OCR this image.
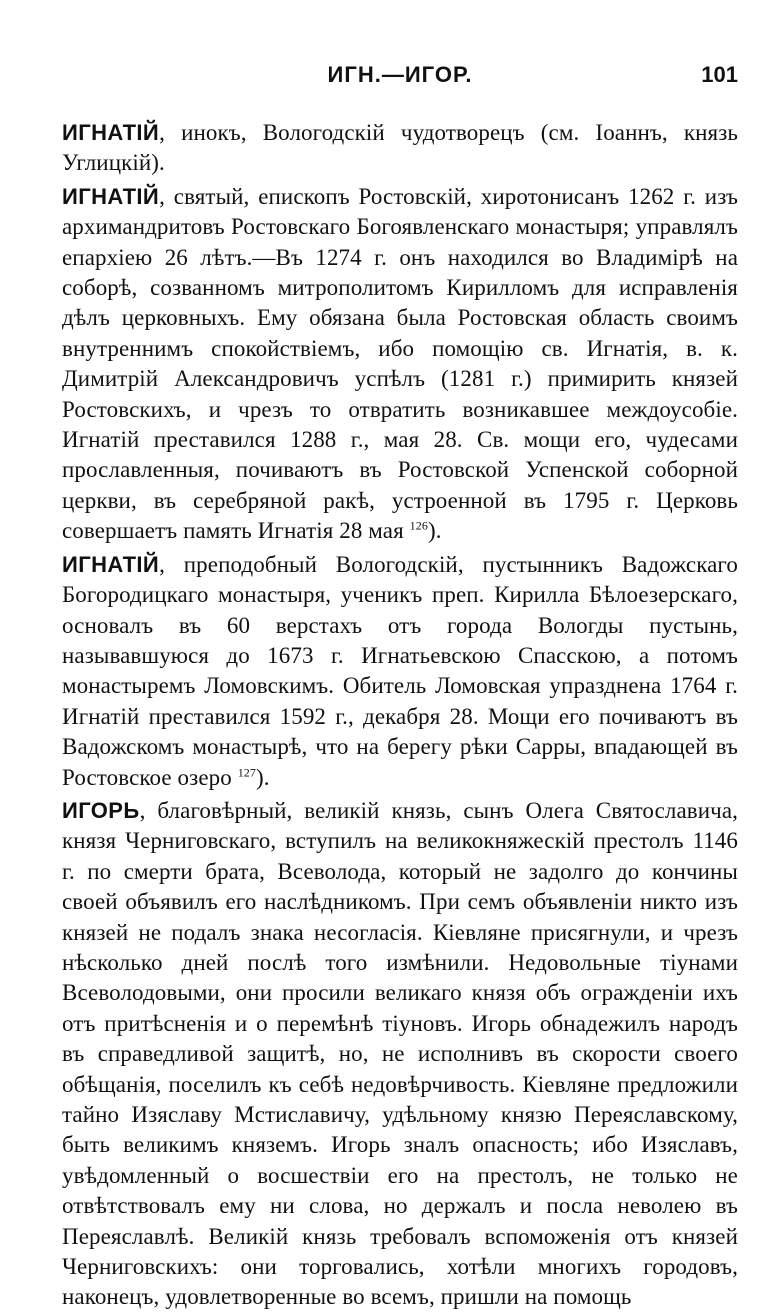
ИГН.—ИГОР.	101

ИГНАТІЙ, инокъ, Вологодскій чудотворецъ (см. Іоаннъ, князь Углицкій).

ИГНАТІЙ, святый, епископъ Ростовскій, хиротонисанъ 1262 г. изъ архимандритовъ Ростовскаго Богоявленскаго монастыря; управлялъ епархіею 26 лѣтъ.—Въ 1274 г. онъ находился во Владимірѣ на соборѣ, созванномъ митрополитомъ Кирилломъ для исправленія дѣлъ церковныхъ. Ему обязана была Ростовская область своимъ внутреннимъ спокойствіемъ, ибо помощію св. Игнатія, в. к. Димитрій Александровичъ успѣлъ (1281 г.) примирить князей Ростовскихъ, и чрезъ то отвратить возникавшее междоусобіе. Игнатій преставился 1288 г., мая 28. Св. мощи его, чудесами прославленныя, почиваютъ въ Ростовской Успенской соборной церкви, въ серебряной ракѣ, устроенной въ 1795 г. Церковь совершаетъ память Игнатія 28 мая $^{126}$).

ИГНАТІЙ, преподобный Вологодскій, пустынникъ Вадожскаго Богородицкаго монастыря, ученикъ преп. Кирилла Бѣлоезерскаго, основалъ въ 60 верстахъ отъ города Вологды пустынь, называвшуюся до 1673 г. Игнатьевскою Спасскою, а потомъ монастыремъ Ломовскимъ. Обитель Ломовская упразднена 1764 г. Игнатій преставился 1592 г., декабря 28. Мощи его почиваютъ въ Вадожскомъ монастырѣ, что на берегу рѣки Сарры, впадающей въ Ростовское озеро $^{127}$).

ИГОРЬ, благовѣрный, великій князь, сынъ Олега Святославича, князя Черниговскаго, вступилъ на великокняжескій престолъ 1146 г. по смерти брата, Всеволода, который не задолго до кончины своей объявилъ его наслѣдникомъ. При семъ объявленіи никто изъ князей не подалъ знака несогласія. Кіевляне присягнули, и чрезъ нѣсколько дней послѣ того измѣнили. Недовольные тіунами Всеволодовыми, они просили великаго князя объ огражденіи ихъ отъ притѣсненія и о перемѣнѣ тіуновъ. Игорь обнадежилъ народъ въ справедливой защитѣ, но, не исполнивъ въ скорости своего обѣщанія, поселилъ къ себѣ недовѣрчивость. Кіевляне предложили тайно Изяславу Мстиславичу, удѣльному князю Переяславскому, быть великимъ княземъ. Игорь зналъ опасность; ибо Изяславъ, увѣдомленный о восшествіи его на престолъ, не только не отвѣтствовалъ ему ни слова, но держалъ и посла неволею въ Переяславлѣ. Великій князь требовалъ вспоможенія отъ князей Черниговскихъ: они торговались, хотѣли многихъ городовъ, наконецъ, удовлетворенные во всемъ, пришли на помощь
